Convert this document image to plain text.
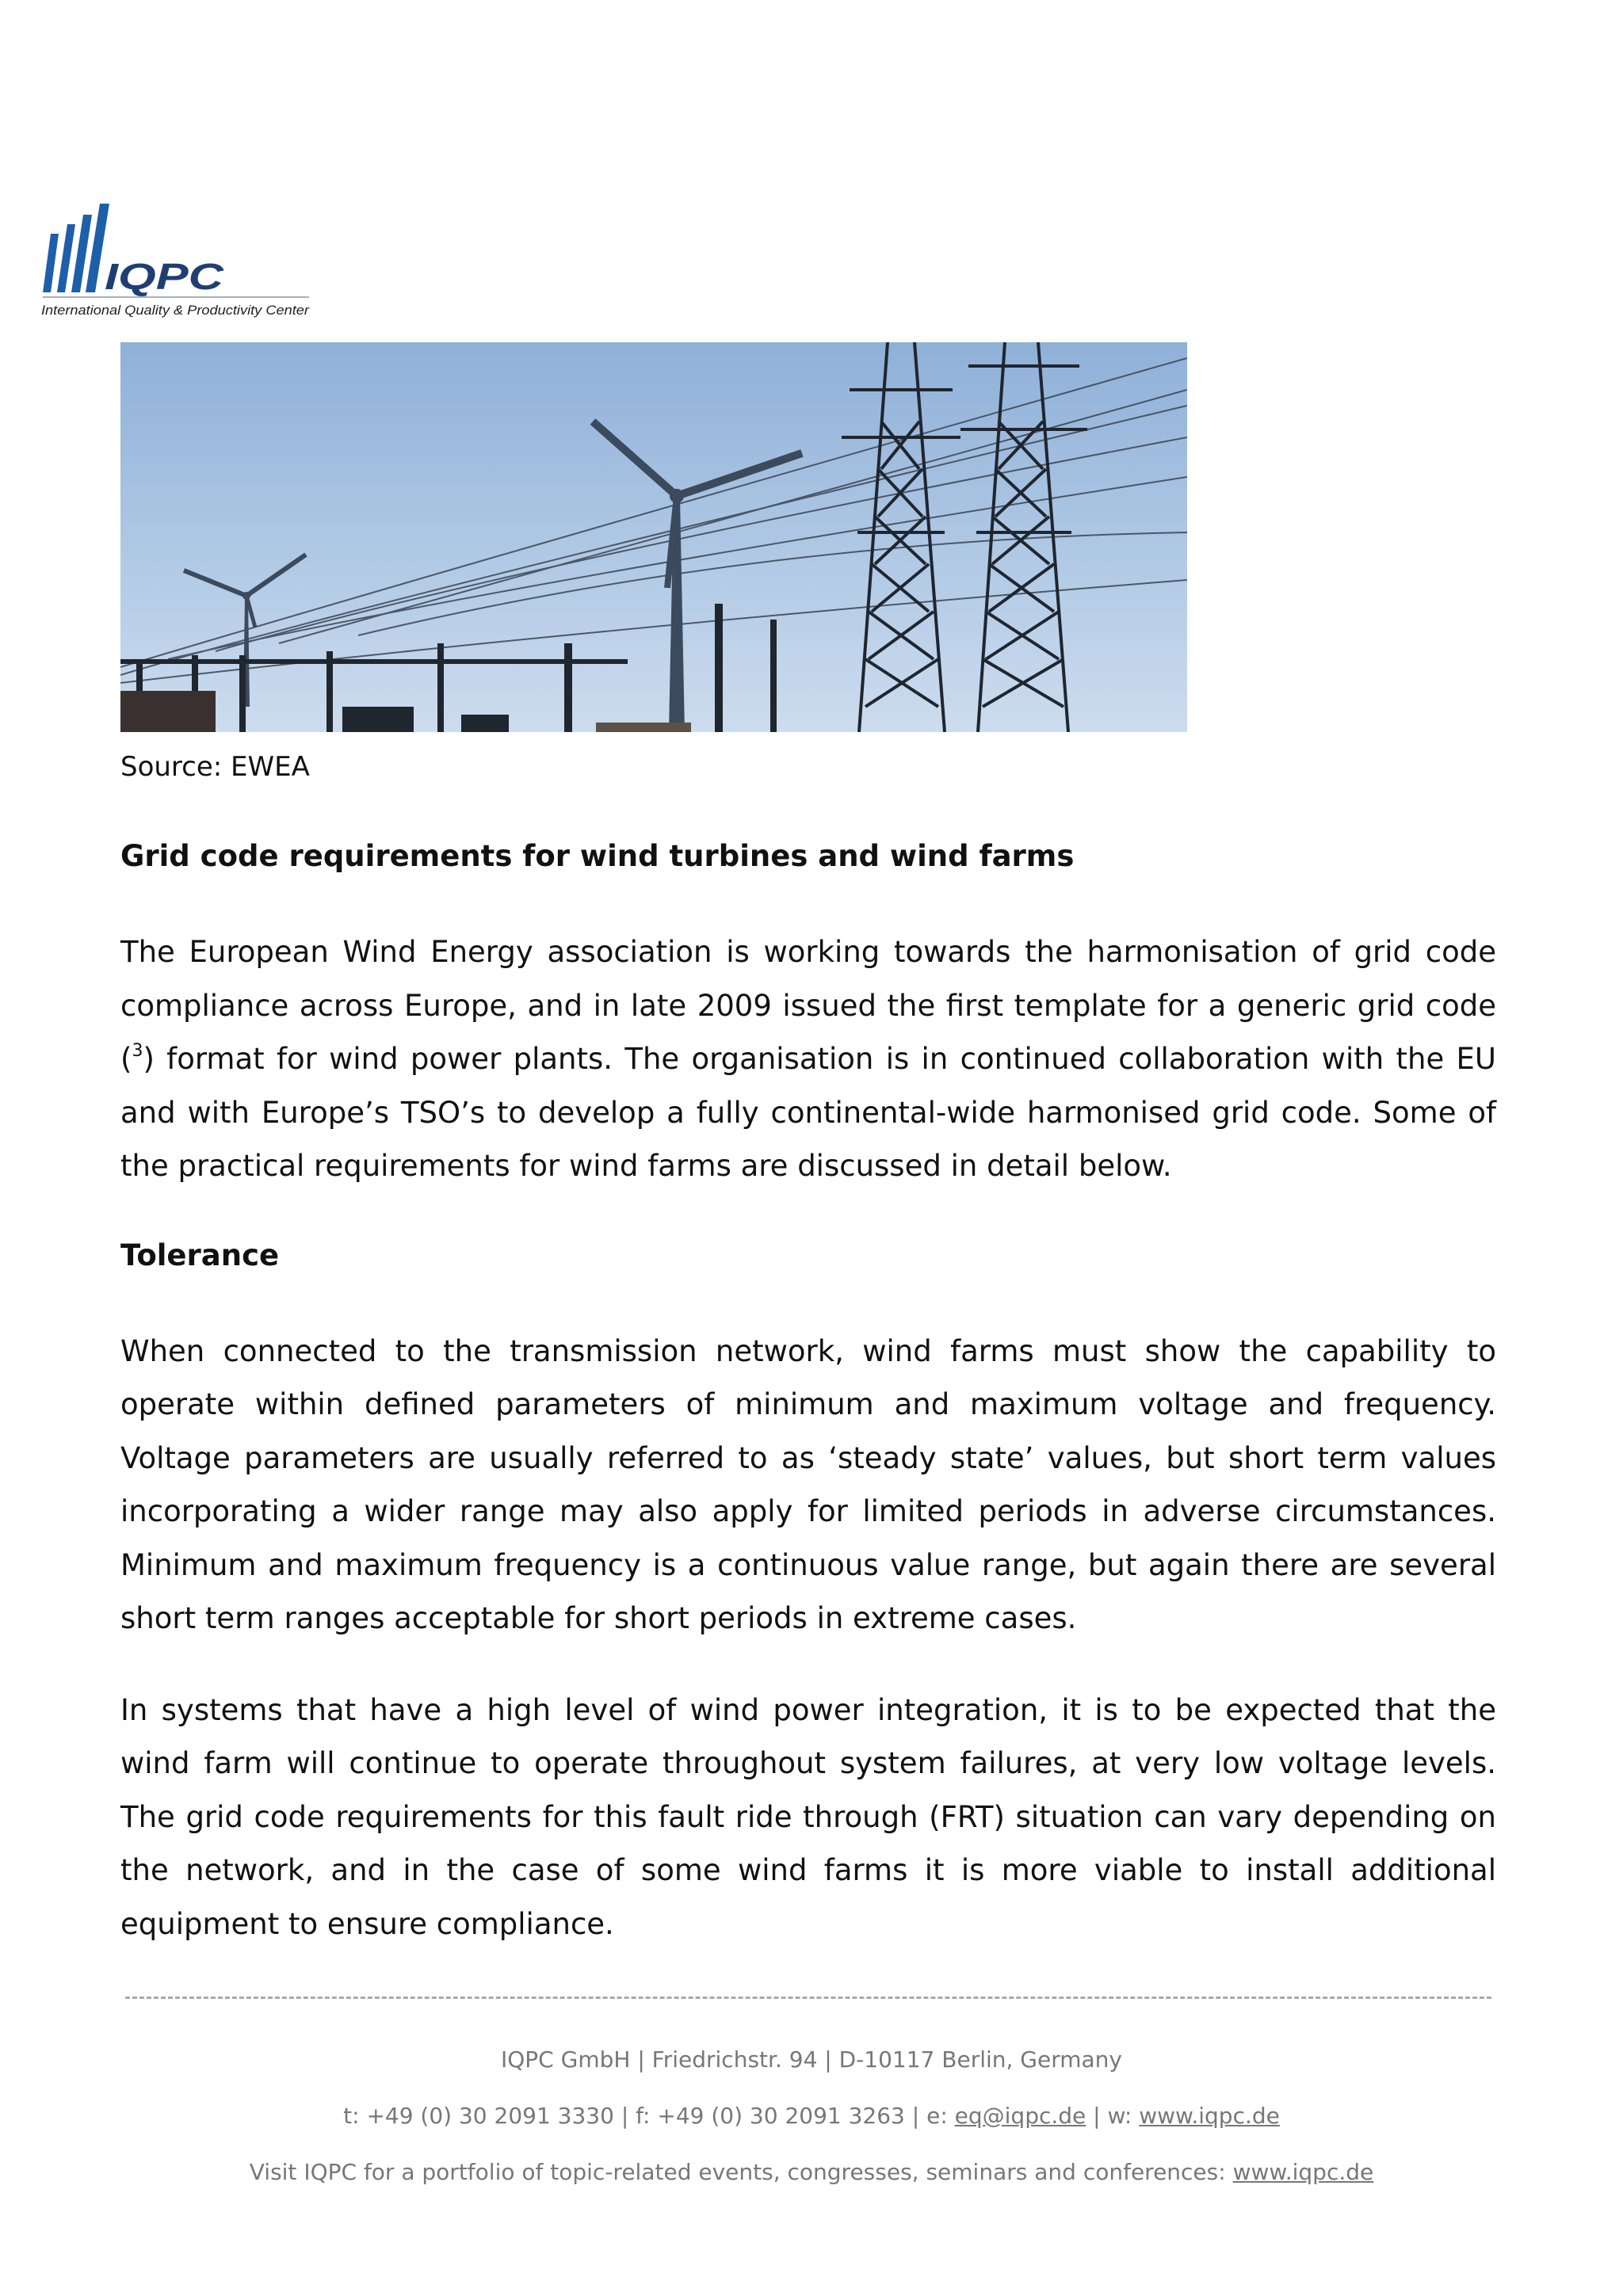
IQPC
International Quality & Productivity Center

Source: EWEA

Grid code requirements for wind turbines and wind farms

The European Wind Energy association is working towards the harmonisation of grid code compliance across Europe, and in late 2009 issued the first template for a generic grid code ($^3$) format for wind power plants. The organisation is in continued collaboration with the EU and with Europe’s TSO’s to develop a fully continental-wide harmonised grid code. Some of the practical requirements for wind farms are discussed in detail below.

Tolerance

When connected to the transmission network, wind farms must show the capability to operate within defined parameters of minimum and maximum voltage and frequency. Voltage parameters are usually referred to as ‘steady state’ values, but short term values incorporating a wider range may also apply for limited periods in adverse circumstances. Minimum and maximum frequency is a continuous value range, but again there are several short term ranges acceptable for short periods in extreme cases.

In systems that have a high level of wind power integration, it is to be expected that the wind farm will continue to operate throughout system failures, at very low voltage levels. The grid code requirements for this fault ride through (FRT) situation can vary depending on the network, and in the case of some wind farms it is more viable to install additional equipment to ensure compliance.

IQPC GmbH | Friedrichstr. 94 | D-10117 Berlin, Germany

t: +49 (0) 30 2091 3330 | f: +49 (0) 30 2091 3263 | e: eq@iqpc.de | w: www.iqpc.de

Visit IQPC for a portfolio of topic-related events, congresses, seminars and conferences: www.iqpc.de
